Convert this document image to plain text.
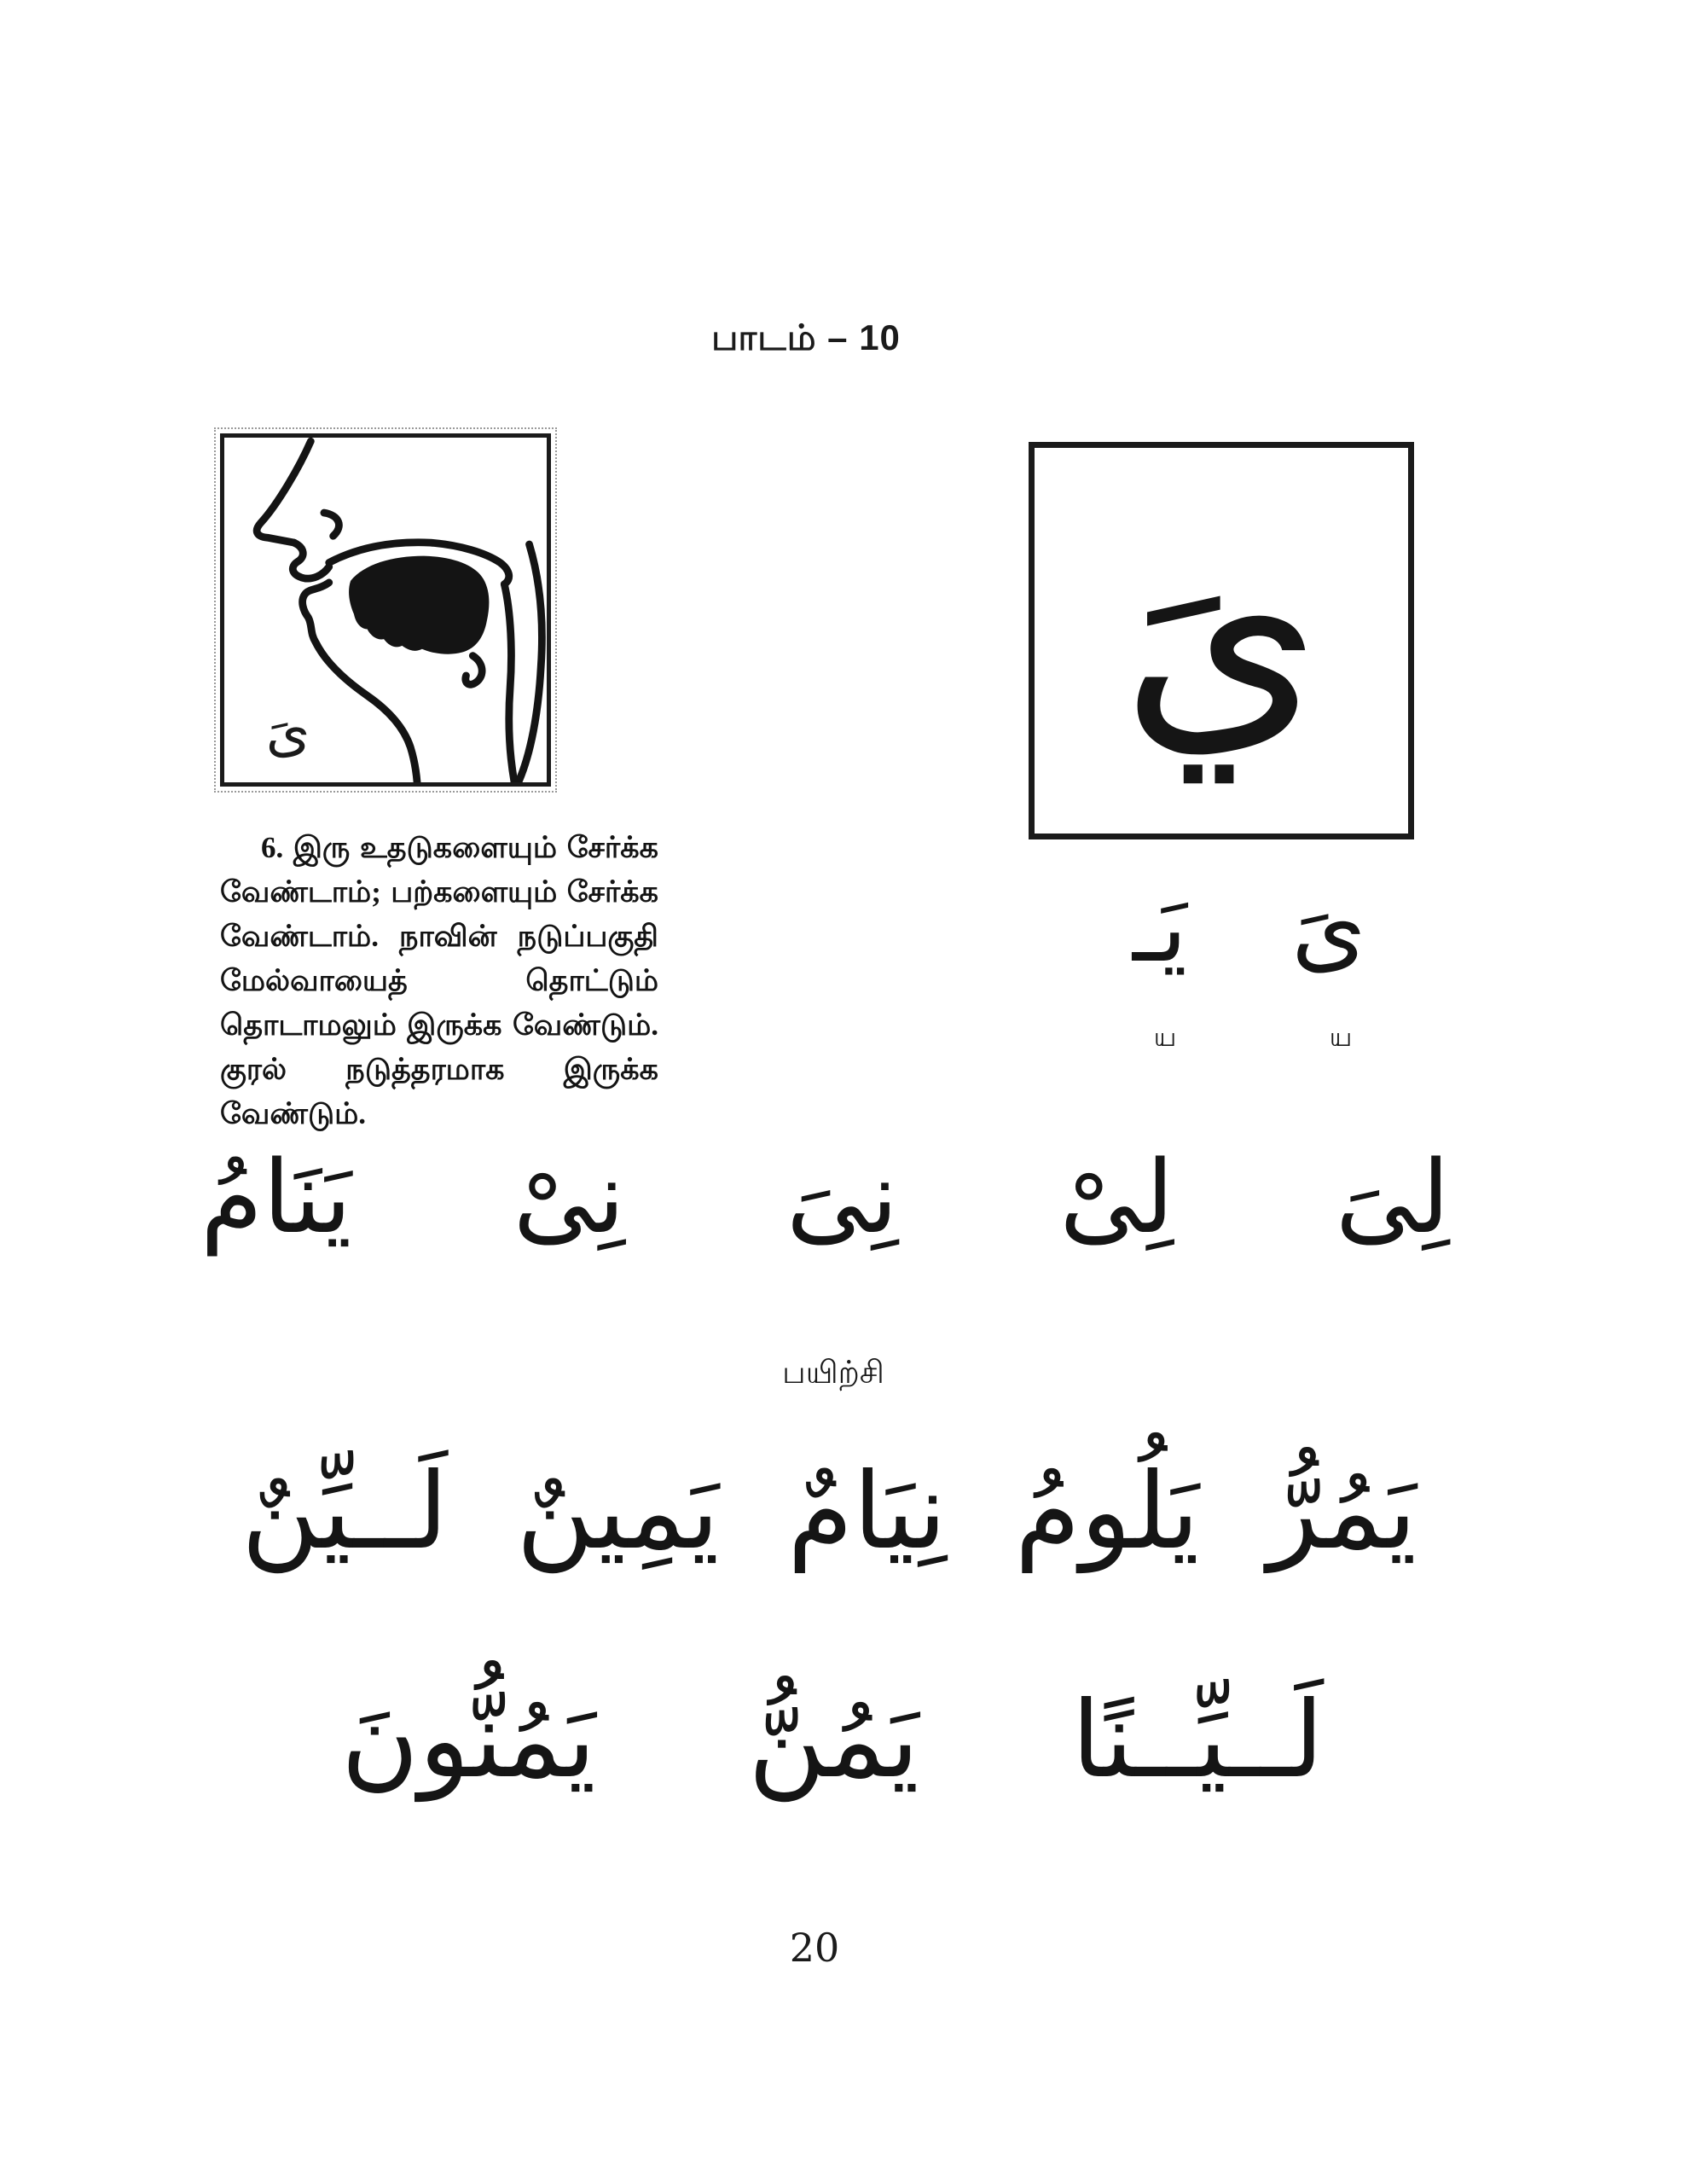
பாடம் – 10
ىَ

6. இரு உதடுகளையும் சேர்க்க வேண்டாம்; பற்களையும் சேர்க்க வேண்டாம். நாவின் நடுப்பகுதி மேல்வாயைத் தொட்டும் தொடாமலும் இருக்க வேண்டும். குரல் நடுத்தரமாக இருக்க வேண்டும்.

يَ
ىَ
يَـ
ய
ய
لِىَ
لِىْ
نِىَ
نِىْ
يَنَامُ
பயிற்சி
يَمُرُّ
يَلُومُ
نِيَامٌ
يَمِينٌ
لَــيِّنٌ
لَــيِّــنًا
يَمُنُّ
يَمُنُّونَ
20
